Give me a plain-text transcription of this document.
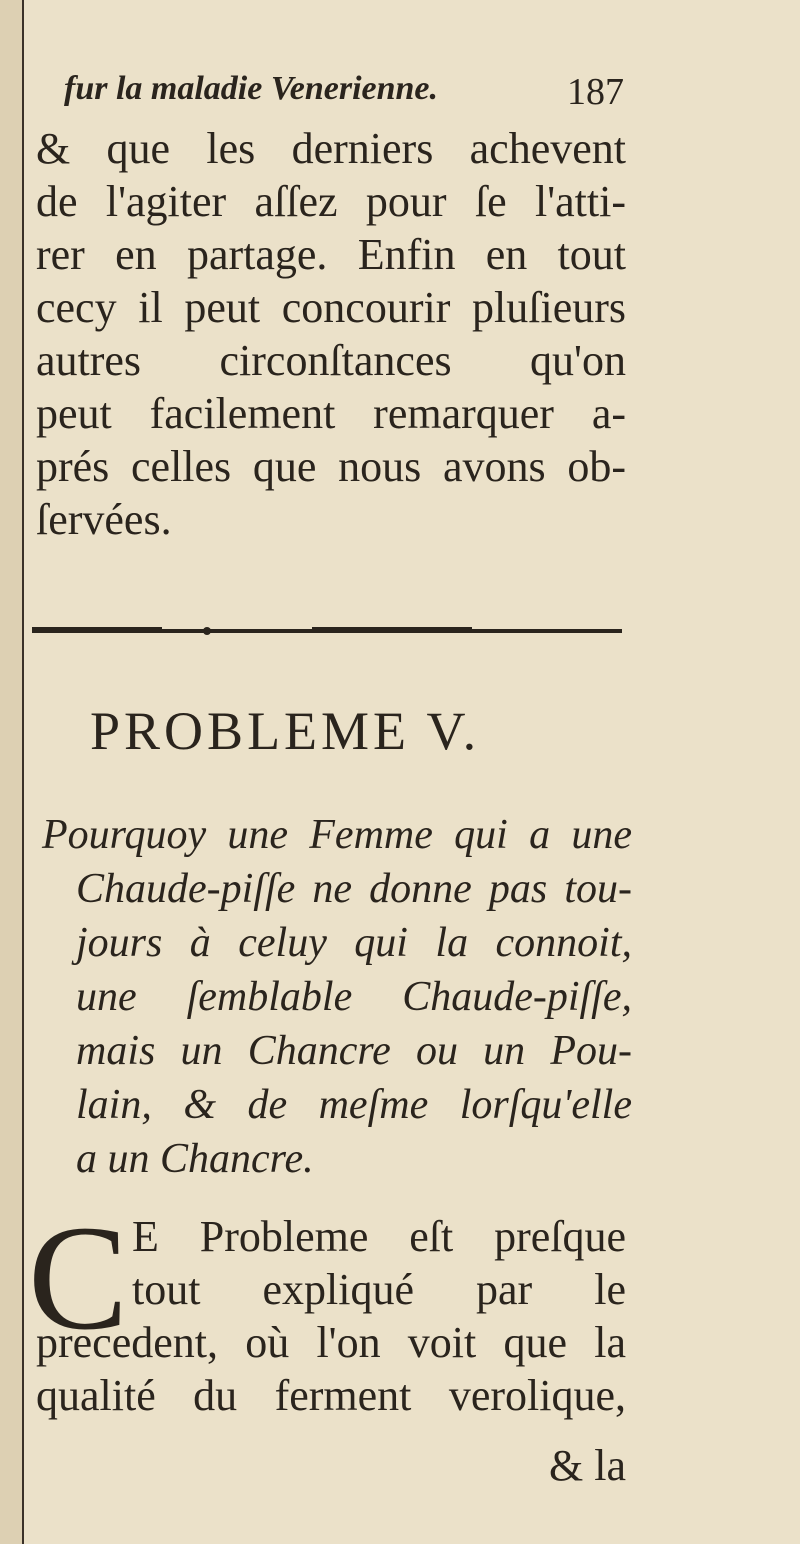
fur la maladie Venerienne.	187
& que les derniers achevent
de l'agiter aſſez pour ſe l'atti-
rer en partage. Enfin en tout
cecy il peut concourir pluſieurs
autres circonſtances qu'on
peut facilement remarquer a-
prés celles que nous avons ob-
ſervées.
PROBLEME V.
Pourquoy une Femme qui a une
Chaude-piſſe ne donne pas tou-
jours à celuy qui la connoit,
une ſemblable Chaude-piſſe,
mais un Chancre ou un Pou-
lain, & de meſme lorſqu'elle
a un Chancre.
C E Probleme eſt preſque
tout expliqué par le
precedent, où l'on voit que la
qualité du ferment verolique,
& la
